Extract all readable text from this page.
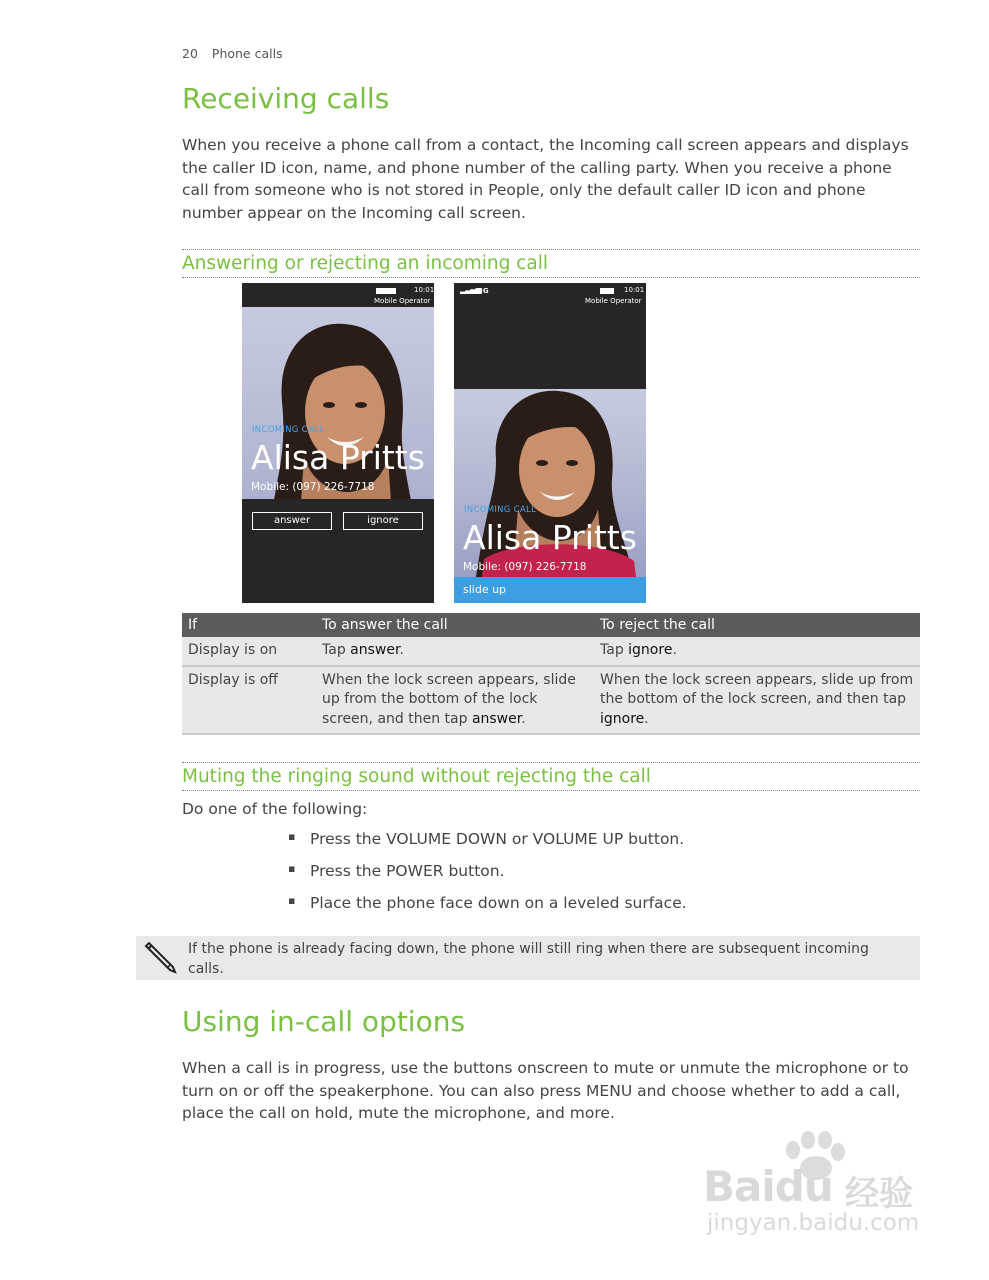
20 Phone calls
Receiving calls
When you receive a phone call from a contact, the Incoming call screen appears and displays the caller ID icon, name, and phone number of the calling party. When you receive a phone call from someone who is not stored in People, only the default caller ID icon and phone number appear on the Incoming call screen.
Answering or rejecting an incoming call
10:01
Mobile Operator
INCOMING CALL
Alisa Pritts
Mobile: (097) 226-7718
answer	ignore
▂▃▄▅
3G	10:01
Mobile Operator
INCOMING CALL
Alisa Pritts
Mobile: (097) 226-7718
slide up
If	To answer the call	To reject the call
Display is on	Tap answer.	Tap ignore.
Display is off	When the lock screen appears, slide up from the bottom of the lock screen, and then tap answer.	When the lock screen appears, slide up from the bottom of the lock screen, and then tap ignore.
Muting the ringing sound without rejecting the call
Do one of the following:
▪ Press the VOLUME DOWN or VOLUME UP button.
▪ Press the POWER button.
▪ Place the phone face down on a leveled surface.
If the phone is already facing down, the phone will still ring when there are subsequent incoming calls.
Using in-call options
When a call is in progress, use the buttons onscreen to mute or unmute the microphone or to turn on or off the speakerphone. You can also press MENU and choose whether to add a call, place the call on hold, mute the microphone, and more.
Baidu 经验
jingyan.baidu.com
